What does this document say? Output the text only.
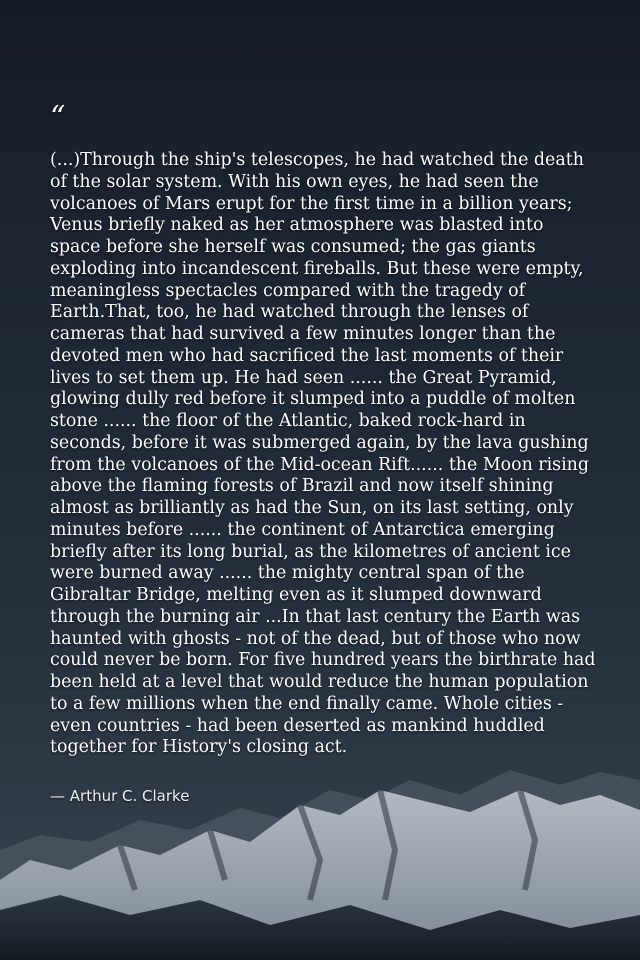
“
(...)Through the ship's telescopes, he had watched the death of the solar system. With his own eyes, he had seen the volcanoes of Mars erupt for the first time in a billion years; Venus briefly naked as her atmosphere was blasted into space before she herself was consumed; the gas giants exploding into incandescent fireballs. But these were empty, meaningless spectacles compared with the tragedy of Earth.That, too, he had watched through the lenses of cameras that had survived a few minutes longer than the devoted men who had sacrificed the last moments of their lives to set them up. He had seen ...... the Great Pyramid, glowing dully red before it slumped into a puddle of molten stone ...... the floor of the Atlantic, baked rock-hard in seconds, before it was submerged again, by the lava gushing from the volcanoes of the Mid-ocean Rift...... the Moon rising above the flaming forests of Brazil and now itself shining almost as brilliantly as had the Sun, on its last setting, only minutes before ...... the continent of Antarctica emerging briefly after its long burial, as the kilometres of ancient ice were burned away ...... the mighty central span of the Gibraltar Bridge, melting even as it slumped downward through the burning air ...In that last century the Earth was haunted with ghosts - not of the dead, but of those who now could never be born. For five hundred years the birthrate had been held at a level that would reduce the human population to a few millions when the end finally came. Whole cities - even countries - had been deserted as mankind huddled together for History's closing act.
— Arthur C. Clarke
